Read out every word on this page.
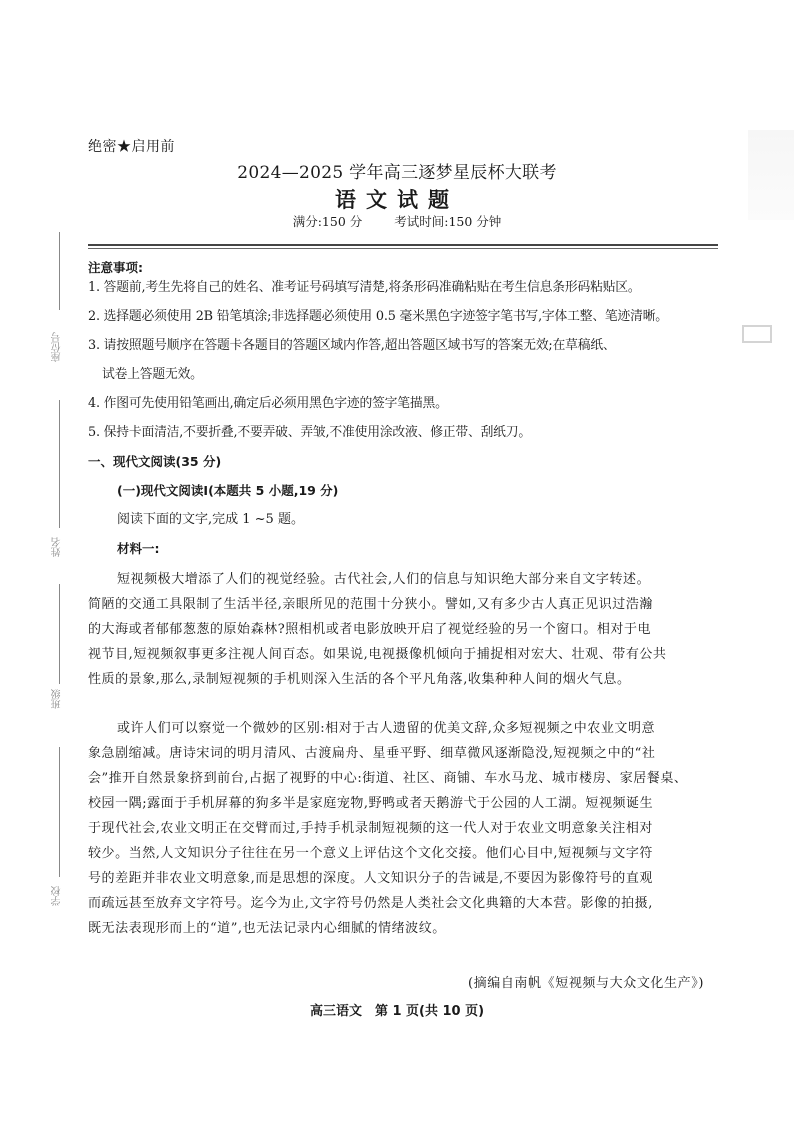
座位号
姓名
班级
学校
绝密★启用前
2024—2025 学年高三逐梦星辰杯大联考
语文试题
满分:150 分	考试时间:150 分钟
注意事项:
1. 答题前,考生先将自己的姓名、准考证号码填写清楚,将条形码准确粘贴在考生信息条形码粘贴区。
2. 选择题必须使用 2B 铅笔填涂;非选择题必须使用 0.5 毫米黑色字迹签字笔书写,字体工整、笔迹清晰。
3. 请按照题号顺序在答题卡各题目的答题区域内作答,超出答题区域书写的答案无效;在草稿纸、
试卷上答题无效。
4. 作图可先使用铅笔画出,确定后必须用黑色字迹的签字笔描黑。
5. 保持卡面清洁,不要折叠,不要弄破、弄皱,不准使用涂改液、修正带、刮纸刀。
一、现代文阅读(35 分)
(一)现代文阅读Ⅰ(本题共 5 小题,19 分)
阅读下面的文字,完成 1 ~5 题。
材料一:
短视频极大增添了人们的视觉经验。古代社会,人们的信息与知识绝大部分来自文字转述。
简陋的交通工具限制了生活半径,亲眼所见的范围十分狭小。譬如,又有多少古人真正见识过浩瀚
的大海或者郁郁葱葱的原始森林?照相机或者电影放映开启了视觉经验的另一个窗口。相对于电
视节目,短视频叙事更多注视人间百态。如果说,电视摄像机倾向于捕捉相对宏大、壮观、带有公共
性质的景象,那么,录制短视频的手机则深入生活的各个平凡角落,收集种种人间的烟火气息。
或许人们可以察觉一个微妙的区别:相对于古人遗留的优美文辞,众多短视频之中农业文明意
象急剧缩减。唐诗宋词的明月清风、古渡扁舟、星垂平野、细草微风逐渐隐没,短视频之中的“社
会”推开自然景象挤到前台,占据了视野的中心:街道、社区、商铺、车水马龙、城市楼房、家居餐桌、
校园一隅;露面于手机屏幕的狗多半是家庭宠物,野鸭或者天鹅游弋于公园的人工湖。短视频诞生
于现代社会,农业文明正在交臂而过,手持手机录制短视频的这一代人对于农业文明意象关注相对
较少。当然,人文知识分子往往在另一个意义上评估这个文化交接。他们心目中,短视频与文字符
号的差距并非农业文明意象,而是思想的深度。人文知识分子的告诫是,不要因为影像符号的直观
而疏远甚至放弃文字符号。迄今为止,文字符号仍然是人类社会文化典籍的大本营。影像的拍摄,
既无法表现形而上的“道”,也无法记录内心细腻的情绪波纹。
(摘编自南帆《短视频与大众文化生产》)
高三语文　第 1 页(共 10 页)
